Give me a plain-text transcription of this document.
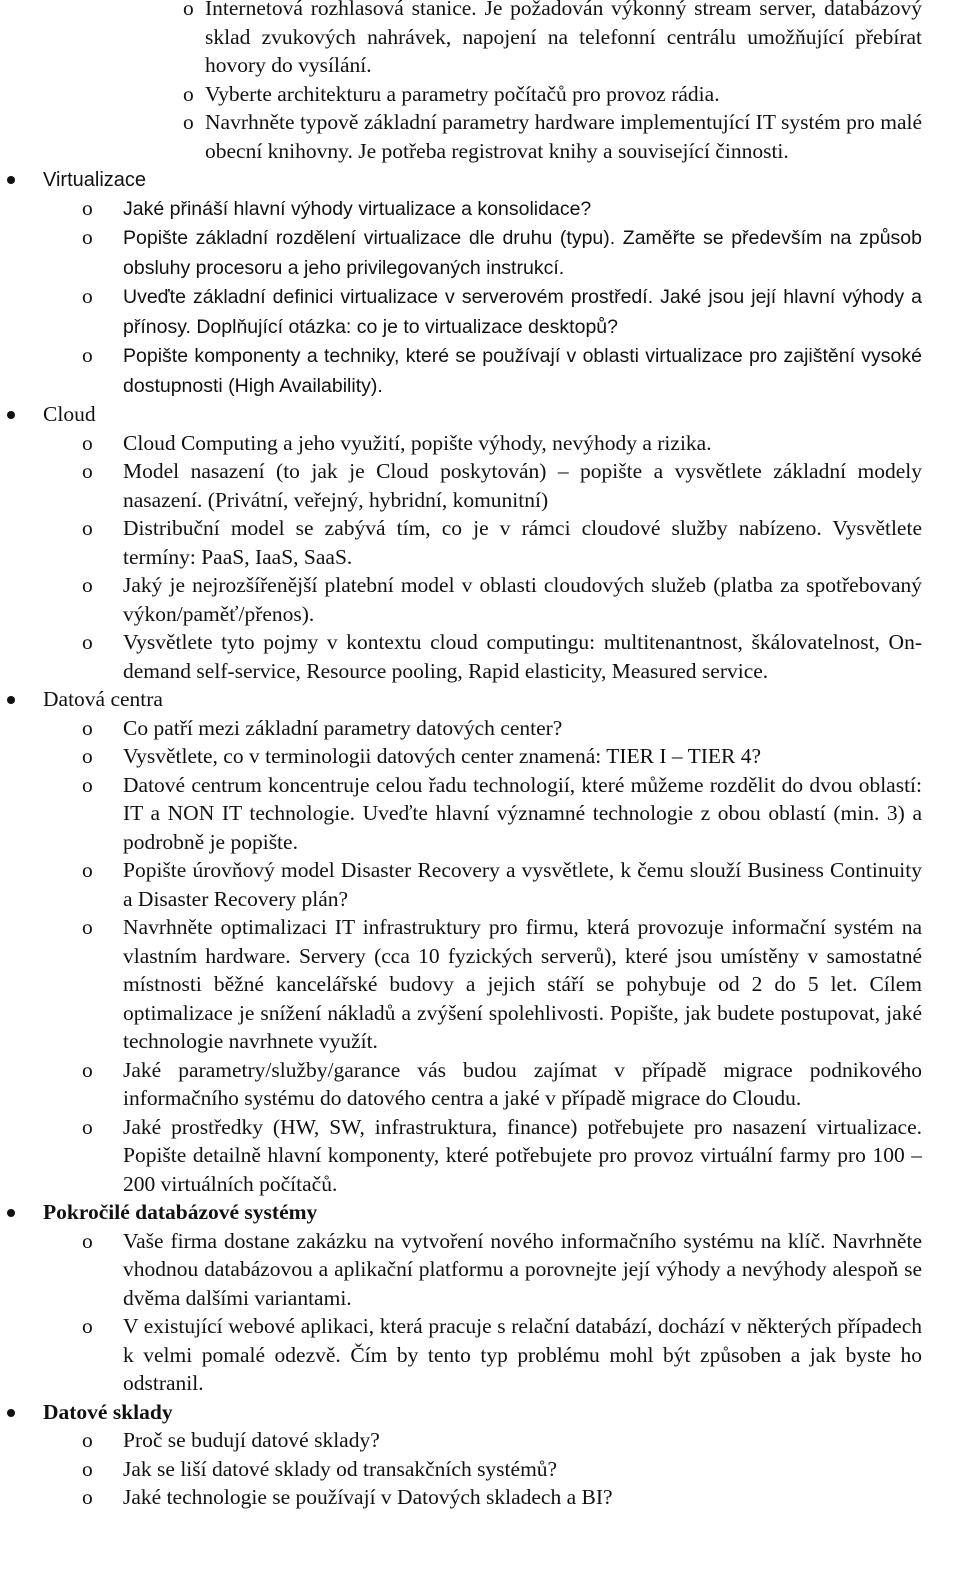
o Internetová rozhlasová stanice. Je požadován výkonný stream server, databázový sklad zvukových nahrávek, napojení na telefonní centrálu umožňující přebírat hovory do vysílání.
o Vyberte architekturu a parametry počítačů pro provoz rádia.
o Navrhněte typově základní parametry hardware implementující IT systém pro malé obecní knihovny. Je potřeba registrovat knihy a související činnosti.
Virtualizace
o Jaké přináší hlavní výhody virtualizace a konsolidace?
o Popište základní rozdělení virtualizace dle druhu (typu). Zaměřte se především na způsob obsluhy procesoru a jeho privilegovaných instrukcí.
o Uveďte základní definici virtualizace v serverovém prostředí. Jaké jsou její hlavní výhody a přínosy. Doplňující otázka: co je to virtualizace desktopů?
o Popište komponenty a techniky, které se používají v oblasti virtualizace pro zajištění vysoké dostupnosti (High Availability).
Cloud
o Cloud Computing a jeho využití, popište výhody, nevýhody a rizika.
o Model nasazení (to jak je Cloud poskytován) – popište a vysvětlete základní modely nasazení. (Privátní, veřejný, hybridní, komunitní)
o Distribuční model se zabývá tím, co je v rámci cloudové služby nabízeno. Vysvětlete termíny: PaaS, IaaS, SaaS.
o Jaký je nejrozšířenější platební model v oblasti cloudových služeb (platba za spotřebovaný výkon/paměť/přenos).
o Vysvětlete tyto pojmy v kontextu cloud computingu: multitenantnost, škálovatelnost, On-demand self-service, Resource pooling, Rapid elasticity, Measured service.
Datová centra
o Co patří mezi základní parametry datových center?
o Vysvětlete, co v terminologii datových center znamená: TIER I – TIER 4?
o Datové centrum koncentruje celou řadu technologií, které můžeme rozdělit do dvou oblastí: IT a NON IT technologie. Uveďte hlavní významné technologie z obou oblastí (min. 3) a podrobně je popište.
o Popište úrovňový model Disaster Recovery a vysvětlete, k čemu slouží Business Continuity a Disaster Recovery plán?
o Navrhněte optimalizaci IT infrastruktury pro firmu, která provozuje informační systém na vlastním hardware. Servery (cca 10 fyzických serverů), které jsou umístěny v samostatné místnosti běžné kancelářské budovy a jejich stáří se pohybuje od 2 do 5 let. Cílem optimalizace je snížení nákladů a zvýšení spolehlivosti. Popište, jak budete postupovat, jaké technologie navrhnete využít.
o Jaké parametry/služby/garance vás budou zajímat v případě migrace podnikového informačního systému do datového centra a jaké v případě migrace do Cloudu.
o Jaké prostředky (HW, SW, infrastruktura, finance) potřebujete pro nasazení virtualizace. Popište detailně hlavní komponenty, které potřebujete pro provoz virtuální farmy pro 100 – 200 virtuálních počítačů.
Pokročilé databázové systémy
o Vaše firma dostane zakázku na vytvoření nového informačního systému na klíč. Navrhněte vhodnou databázovou a aplikační platformu a porovnejte její výhody a nevýhody alespoň se dvěma dalšími variantami.
o V existující webové aplikaci, která pracuje s relační databází, dochází v některých případech k velmi pomalé odezvě. Čím by tento typ problému mohl být způsoben a jak byste ho odstranil.
Datové sklady
o Proč se budují datové sklady?
o Jak se liší datové sklady od transakčních systémů?
o Jaké technologie se používají v Datových skladech a BI?
